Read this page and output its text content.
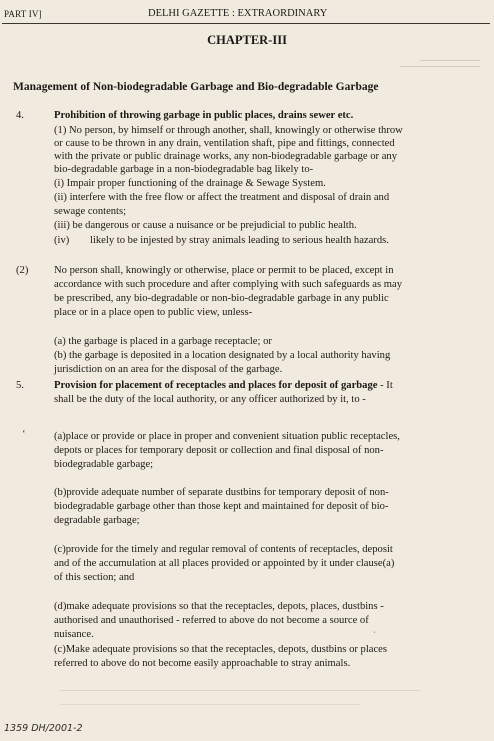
PART IV]	DELHI GAZETTE : EXTRAORDINARY
CHAPTER-III
Management of Non-biodegradable Garbage and Bio-degradable Garbage
4.	Prohibition of throwing garbage in public places, drains sewer etc.
(1) No person, by himself or through another, shall, knowingly or otherwise throw
or cause to be thrown in any drain, ventilation shaft, pipe and fittings, connected
with the private or public drainage works, any non-biodegradable garbage or any
bio-degradable garbage in a non-biodegradable bag likely to-
(i) Impair proper functioning of the drainage & Sewage System.
(ii) interfere with the free flow or affect the treatment and disposal of drain and
sewage contents;
(iii) be dangerous or cause a nuisance or be prejudicial to public health.
(iv) likely to be injested by stray animals leading to serious health hazards.
(2) No person shall, knowingly or otherwise, place or permit to be placed, except in
accordance with such procedure and after complying with such safeguards as may
be prescribed, any bio-degradable or non-bio-degradable garbage in any public
place or in a place open to public view, unless-
(a) the garbage is placed in a garbage receptacle; or
(b) the garbage is deposited in a location designated by a local authority having
jurisdiction on an area for the disposal of the garbage.
5.	Provision for placement of receptacles and places for deposit of garbage - It
shall be the duty of the local authority, or any officer authorized by it, to -
‘	(a)place or provide or place in proper and convenient situation public receptacles,
depots or places for temporary deposit or collection and final disposal of non-
biodegradable garbage;
(b)provide adequate number of separate dustbins for temporary deposit of non-
biodegradable garbage other than those kept and maintained for deposit of bio-
degradable garbage;
(c)provide for the timely and regular removal of contents of receptacles, deposit
and of the accumulation at all places provided or appointed by it under clause(a)
of this section; and
(d)make adequate provisions so that the receptacles, depots, places, dustbins -
authorised and unauthorised - referred to above do not become a source of
nuisance.	⋅
(c)Make adequate provisions so that the receptacles, depots, dustbins or places
referred to above do not become easily approachable to stray animals.
1359 DH/2001-2
